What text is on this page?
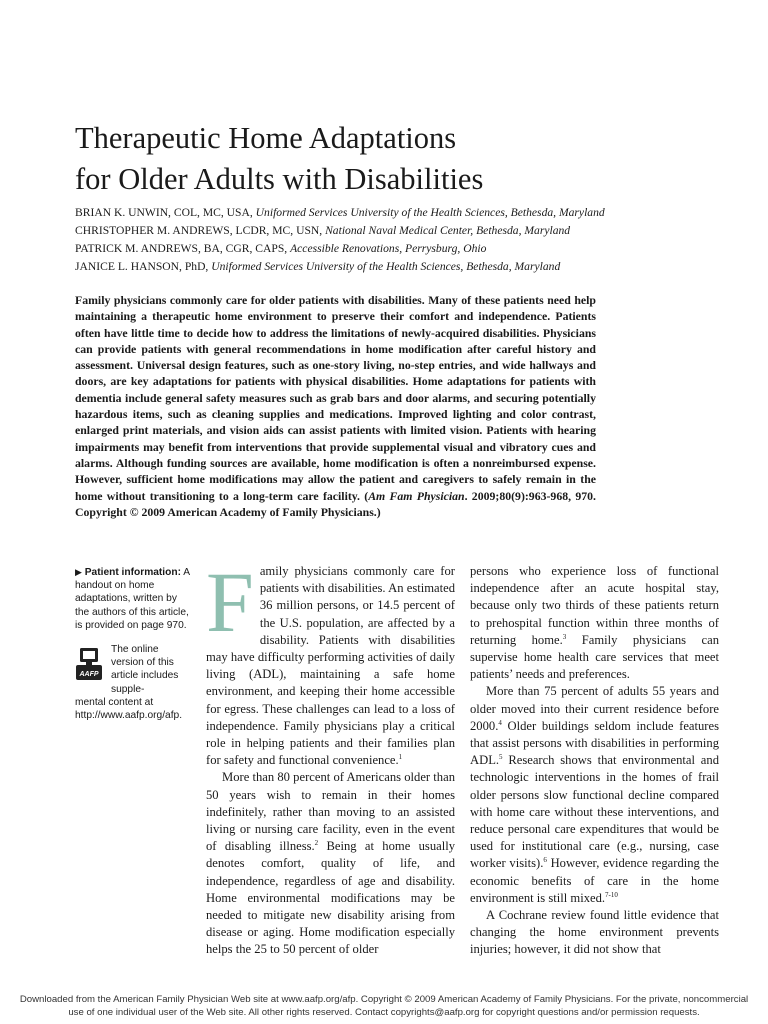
Therapeutic Home Adaptations
for Older Adults with Disabilities
BRIAN K. UNWIN, COL, MC, USA, Uniformed Services University of the Health Sciences, Bethesda, Maryland
CHRISTOPHER M. ANDREWS, LCDR, MC, USN, National Naval Medical Center, Bethesda, Maryland
PATRICK M. ANDREWS, BA, CGR, CAPS, Accessible Renovations, Perrysburg, Ohio
JANICE L. HANSON, PhD, Uniformed Services University of the Health Sciences, Bethesda, Maryland

Family physicians commonly care for older patients with disabilities. Many of these patients need help maintaining a therapeutic home environment to preserve their comfort and independence. Patients often have little time to decide how to address the limitations of newly-acquired disabilities. Physicians can provide patients with general recommendations in home modification after careful history and assessment. Universal design features, such as one-story living, no-step entries, and wide hallways and doors, are key adaptations for patients with physical disabilities. Home adaptations for patients with dementia include general safety measures such as grab bars and door alarms, and securing potentially hazardous items, such as cleaning supplies and medications. Improved lighting and color contrast, enlarged print materials, and vision aids can assist patients with limited vision. Patients with hearing impairments may benefit from interventions that provide supplemental visual and vibratory cues and alarms. Although funding sources are available, home modification is often a nonreimbursed expense. However, sufficient home modifications may allow the patient and caregivers to safely remain in the home without transitioning to a long-term care facility. (Am Fam Physician. 2009;80(9):963-968, 970. Copyright © 2009 American Academy of Family Physicians.)

▶ Patient information: A handout on home adaptations, written by the authors of this article, is provided on page 970.
AAFP
The online version of this article includes supple-
mental content at http://www.aafp.org/afp.

Family physicians commonly care for patients with disabilities. An estimated 36 million persons, or 14.5 percent of the U.S. population, are affected by a disability. Patients with disabilities may have difficulty performing activities of daily living (ADL), maintaining a safe home environment, and keeping their home accessible for egress. These challenges can lead to a loss of independence. Family physicians play a critical role in helping patients and their families plan for safety and functional convenience.$^1$

More than 80 percent of Americans older than 50 years wish to remain in their homes indefinitely, rather than moving to an assisted living or nursing care facility, even in the event of disabling illness.$^2$ Being at home usually denotes comfort, quality of life, and independence, regardless of age and disability. Home environmental modifications may be needed to mitigate new disability arising from disease or aging. Home modification especially helps the 25 to 50 percent of older

persons who experience loss of functional independence after an acute hospital stay, because only two thirds of these patients return to prehospital function within three months of returning home.$^3$ Family physicians can supervise home health care services that meet patients’ needs and preferences.

More than 75 percent of adults 55 years and older moved into their current residence before 2000.$^4$ Older buildings seldom include features that assist persons with disabilities in performing ADL.$^5$ Research shows that environmental and technologic interventions in the homes of frail older persons slow functional decline compared with home care without these interventions, and reduce personal care expenditures that would be used for institutional care (e.g., nursing, case worker visits).$^6$ However, evidence regarding the economic benefits of care in the home environment is still mixed.$^{7-10}$

A Cochrane review found little evidence that changing the home environment prevents injuries; however, it did not show that

Downloaded from the American Family Physician Web site at www.aafp.org/afp. Copyright © 2009 American Academy of Family Physicians. For the private, noncommercial
use of one individual user of the Web site. All other rights reserved. Contact copyrights@aafp.org for copyright questions and/or permission requests.
